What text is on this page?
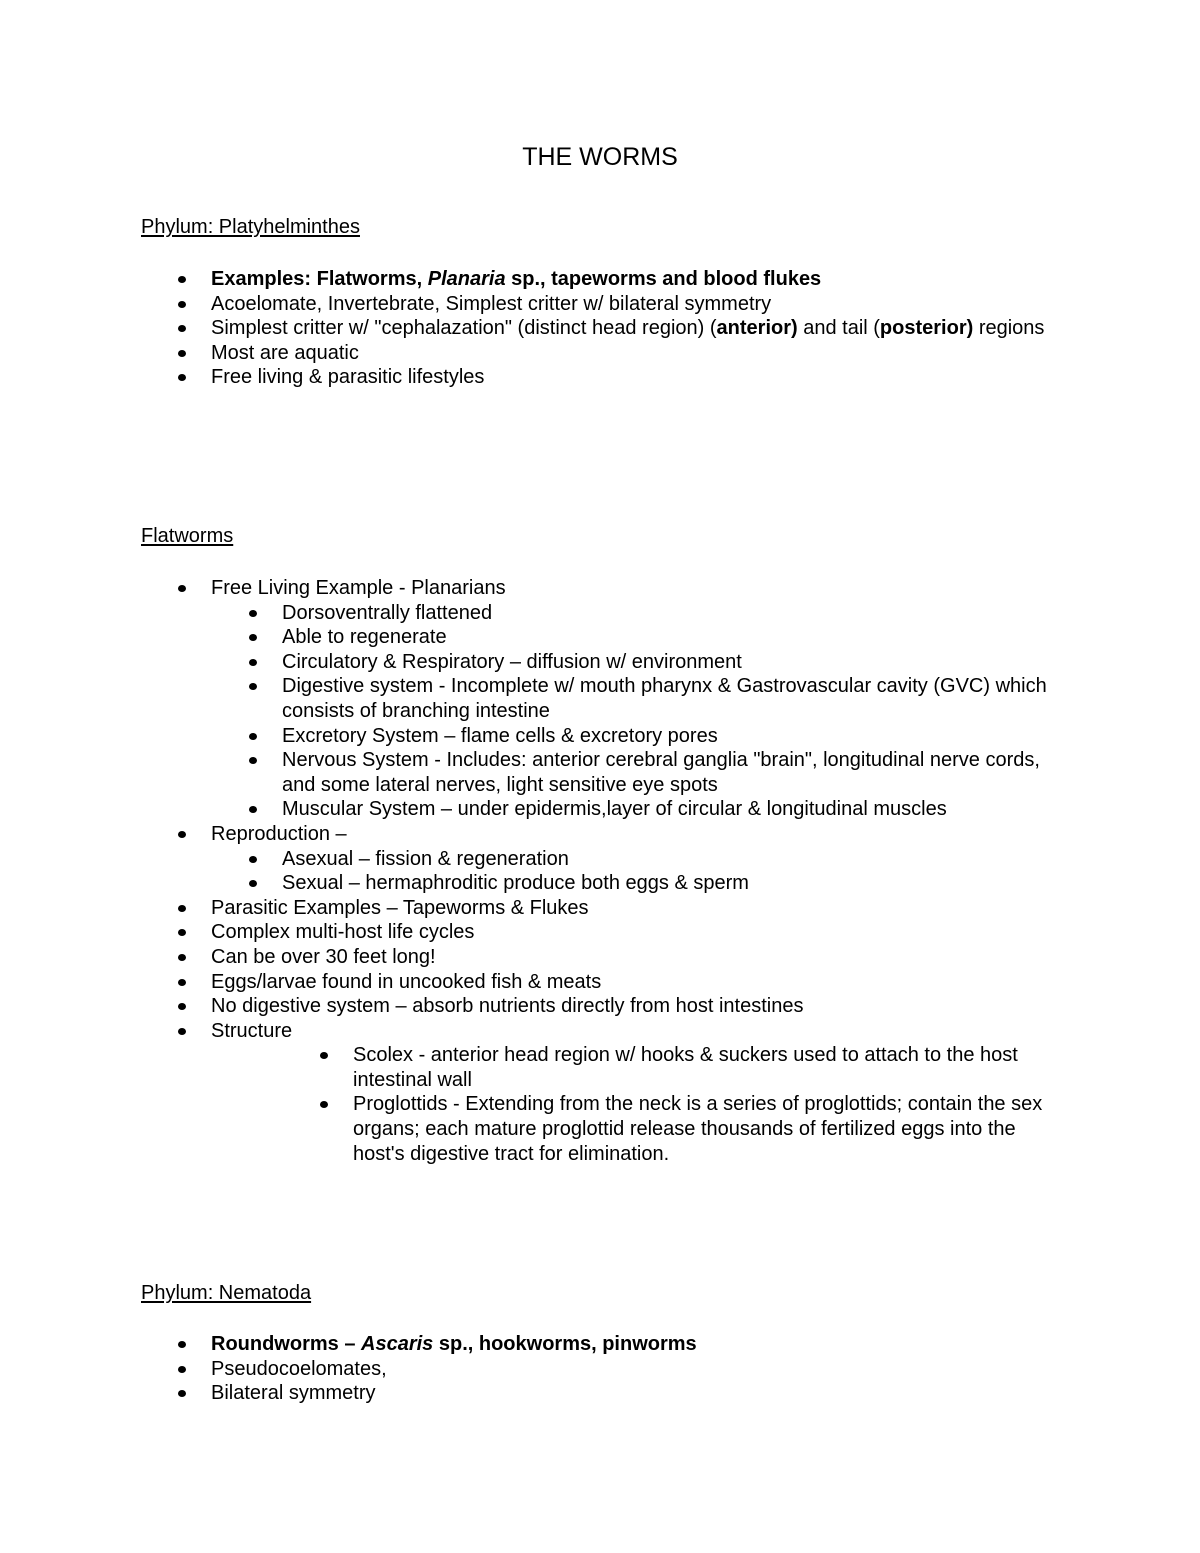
THE WORMS
Phylum: Platyhelminthes
Examples: Flatworms, Planaria sp., tapeworms and blood flukes
Acoelomate, Invertebrate, Simplest critter w/ bilateral symmetry
Simplest critter w/ "cephalazation" (distinct head region) (anterior) and tail (posterior) regions
Most are aquatic
Free living & parasitic lifestyles
Flatworms
Free Living Example - Planarians
Dorsoventrally flattened
Able to regenerate
Circulatory & Respiratory – diffusion w/ environment
Digestive system - Incomplete w/ mouth pharynx & Gastrovascular cavity (GVC) which consists of branching intestine
Excretory System – flame cells & excretory pores
Nervous System - Includes: anterior cerebral ganglia "brain", longitudinal nerve cords, and some lateral nerves, light sensitive eye spots
Muscular System – under epidermis,layer of circular & longitudinal muscles
Reproduction –
Asexual – fission & regeneration
Sexual – hermaphroditic produce both eggs & sperm
Parasitic Examples – Tapeworms & Flukes
Complex multi-host life cycles
Can be over 30 feet long!
Eggs/larvae found in uncooked fish & meats
No digestive system – absorb nutrients directly from host intestines
Structure
Scolex - anterior head region w/ hooks & suckers used to attach to the host intestinal wall
Proglottids - Extending from the neck is a series of proglottids; contain the sex organs; each mature proglottid release thousands of fertilized eggs into the host's digestive tract for elimination.
Phylum: Nematoda
Roundworms – Ascaris sp., hookworms, pinworms
Pseudocoelomates,
Bilateral symmetry
